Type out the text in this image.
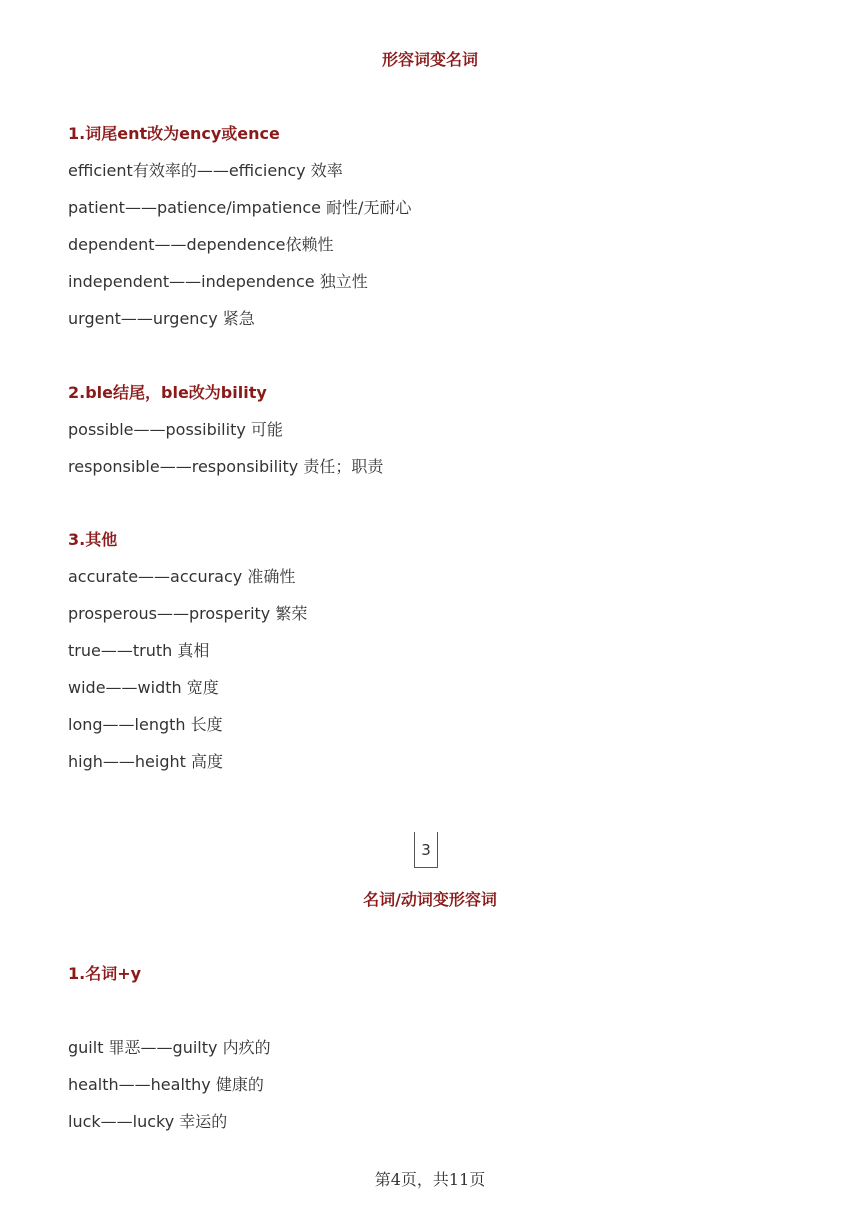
形容词变名词
1.词尾ent改为ency或ence

efficient有效率的——efficiency 效率

patient——patience/impatience 耐性/无耐心

dependent——dependence依赖性

independent——independence 独立性

urgent——urgency 紧急

2.ble结尾，ble改为bility

possible——possibility 可能

responsible——responsibility 责任；职责

3.其他

accurate——accuracy 准确性

prosperous——prosperity 繁荣

true——truth 真相

wide——width 宽度

long——length 长度

high——height 高度

3
名词/动词变形容词
1.名词+y

guilt 罪恶——guilty 内疚的

health——healthy 健康的

luck——lucky 幸运的

第4页，共11页
